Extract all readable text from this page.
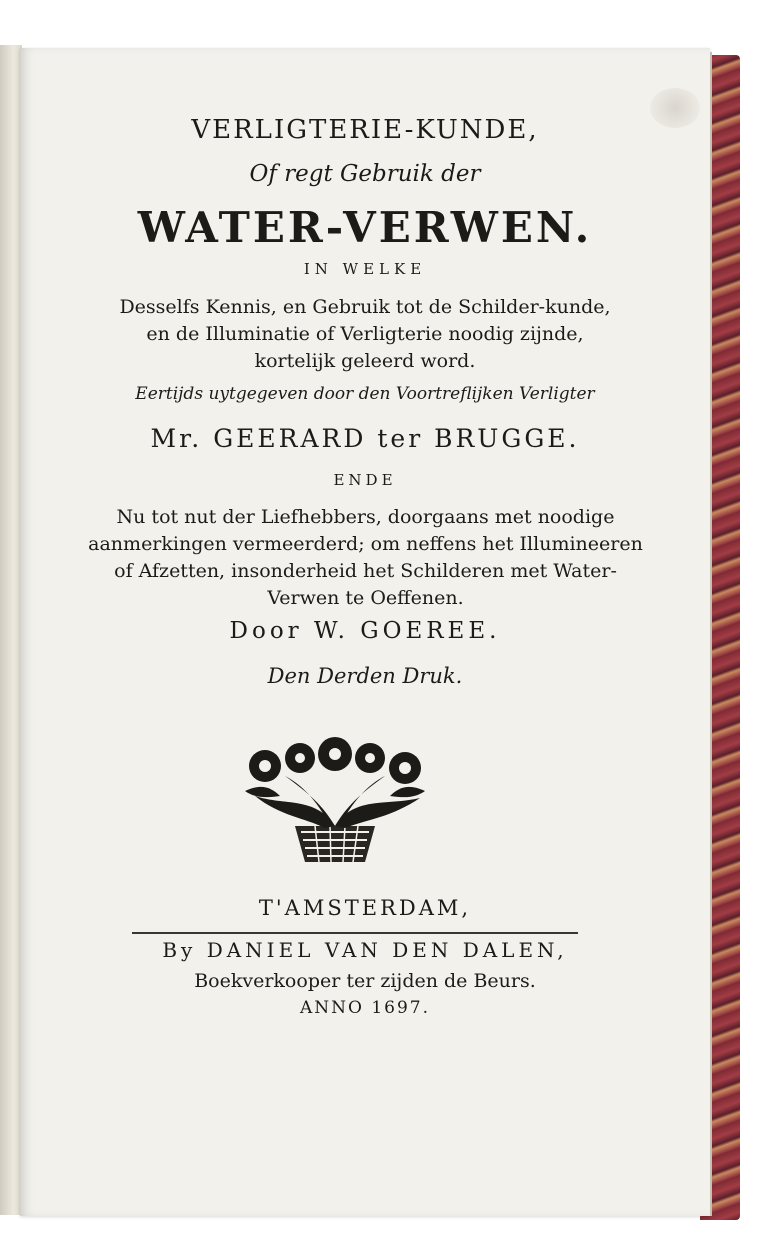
VERLIGTERIE-KUNDE,
Of regt Gebruik der
WATER-VERWEN.
IN WELKE
Desselfs Kennis, en Gebruik tot de Schilder-kunde, en de Illuminatie of Verligterie noodig zijnde, kortelijk geleerd word.
Eertijds uytgegeven door den Voortreflijken Verligter
Mr. GEERARD ter BRUGGE.
ENDE
Nu tot nut der Liefhebbers, doorgaans met noodige aanmerkingen vermeerderd; om neffens het Illumineeren of Afzetten, insonderheid het Schilderen met Water-Verwen te Oeffenen.
Door W. GOEREE.
Den Derden Druk.
T'AMSTERDAM,
By DANIEL VAN DEN DALEN,
Boekverkooper ter zijden de Beurs.
ANNO 1697.
